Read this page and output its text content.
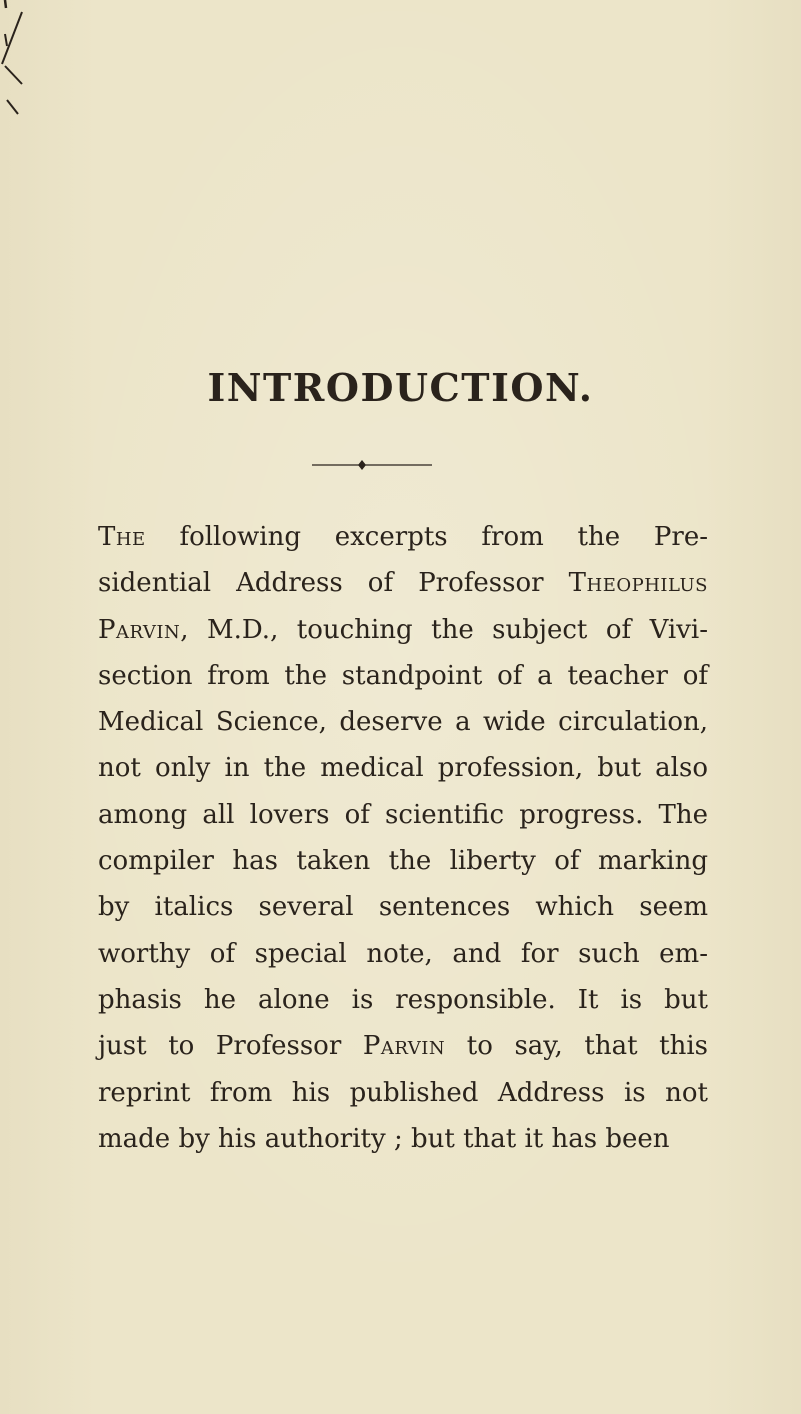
INTRODUCTION.

The following excerpts from the Pre-
sidential Address of Professor Theophilus
Parvin, M.D., touching the subject of Vivi-
section from the standpoint of a teacher of
Medical Science, deserve a wide circulation,
not only in the medical profession, but also
among all lovers of scientific progress. The
compiler has taken the liberty of marking
by italics several sentences which seem
worthy of special note, and for such em-
phasis he alone is responsible. It is but
just to Professor Parvin to say, that this
reprint from his published Address is not
made by his authority ; but that it has been
